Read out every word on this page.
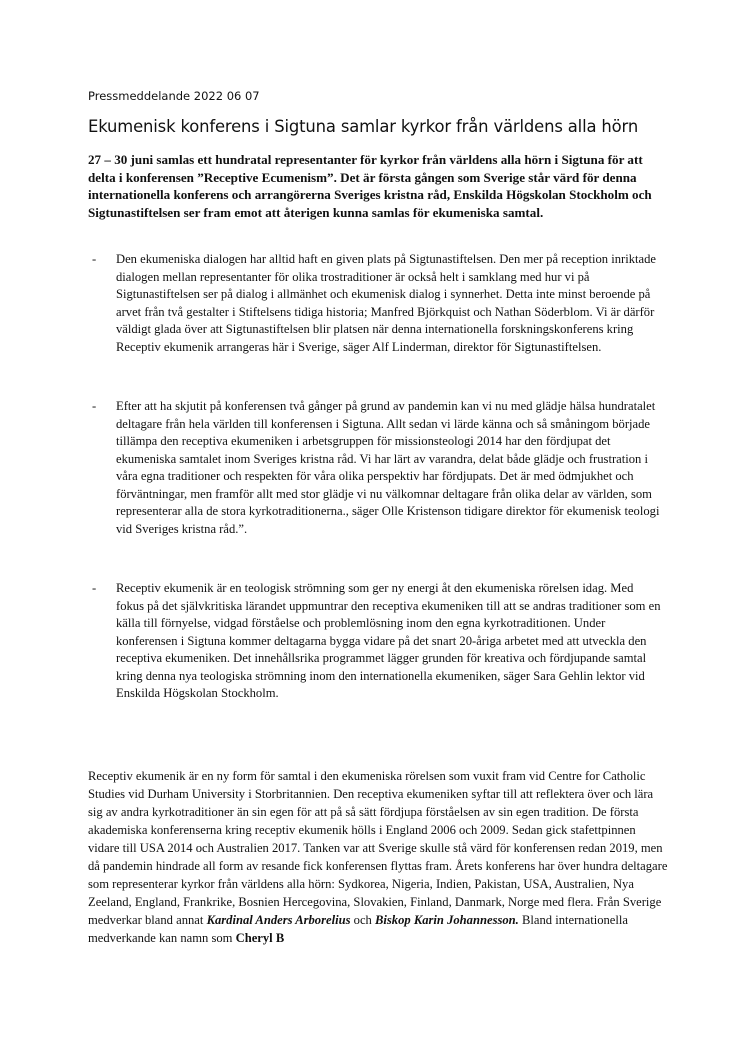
Pressmeddelande 2022 06 07
Ekumenisk konferens i Sigtuna samlar kyrkor från världens alla hörn

27 – 30 juni samlas ett hundratal representanter för kyrkor från världens alla hörn i Sigtuna för att delta i konferensen ”Receptive Ecumenism”. Det är första gången som Sverige står värd för denna internationella konferens och arrangörerna Sveriges kristna råd, Enskilda Högskolan Stockholm och Sigtunastiftelsen ser fram emot att återigen kunna samlas för ekumeniska samtal.

- Den ekumeniska dialogen har alltid haft en given plats på Sigtunastiftelsen. Den mer på reception inriktade dialogen mellan representanter för olika trostraditioner är också helt i samklang med hur vi på Sigtunastiftelsen ser på dialog i allmänhet och ekumenisk dialog i synnerhet. Detta inte minst beroende på arvet från två gestalter i Stiftelsens tidiga historia; Manfred Björkquist och Nathan Söderblom. Vi är därför väldigt glada över att Sigtunastiftelsen blir platsen när denna internationella forskningskonferens kring Receptiv ekumenik arrangeras här i Sverige, säger Alf Linderman, direktor för Sigtunastiftelsen.
- Efter att ha skjutit på konferensen två gånger på grund av pandemin kan vi nu med glädje hälsa hundratalet deltagare från hela världen till konferensen i Sigtuna. Allt sedan vi lärde känna och så småningom började tillämpa den receptiva ekumeniken i arbetsgruppen för missionsteologi 2014 har den fördjupat det ekumeniska samtalet inom Sveriges kristna råd. Vi har lärt av varandra, delat både glädje och frustration i våra egna traditioner och respekten för våra olika perspektiv har fördjupats. Det är med ödmjukhet och förväntningar, men framför allt med stor glädje vi nu välkomnar deltagare från olika delar av världen, som representerar alla de stora kyrkotraditionerna., säger Olle Kristenson tidigare direktor för ekumenisk teologi vid Sveriges kristna råd.”.
- Receptiv ekumenik är en teologisk strömning som ger ny energi åt den ekumeniska rörelsen idag. Med fokus på det självkritiska lärandet uppmuntrar den receptiva ekumeniken till att se andras traditioner som en källa till förnyelse, vidgad förståelse och problemlösning inom den egna kyrkotraditionen. Under konferensen i Sigtuna kommer deltagarna bygga vidare på det snart 20-åriga arbetet med att utveckla den receptiva ekumeniken. Det innehållsrika programmet lägger grunden för kreativa och fördjupande samtal kring denna nya teologiska strömning inom den internationella ekumeniken, säger Sara Gehlin lektor vid Enskilda Högskolan Stockholm.

Receptiv ekumenik är en ny form för samtal i den ekumeniska rörelsen som vuxit fram vid Centre for Catholic Studies vid Durham University i Storbritannien. Den receptiva ekumeniken syftar till att reflektera över och lära sig av andra kyrkotraditioner än sin egen för att på så sätt fördjupa förståelsen av sin egen tradition. De första akademiska konferenserna kring receptiv ekumenik hölls i England 2006 och 2009. Sedan gick stafettpinnen vidare till USA 2014 och Australien 2017. Tanken var att Sverige skulle stå värd för konferensen redan 2019, men då pandemin hindrade all form av resande fick konferensen flyttas fram. Årets konferens har över hundra deltagare som representerar kyrkor från världens alla hörn: Sydkorea, Nigeria, Indien, Pakistan, USA, Australien, Nya Zeeland, England, Frankrike, Bosnien Hercegovina, Slovakien, Finland, Danmark, Norge med flera. Från Sverige medverkar bland annat Kardinal Anders Arborelius och Biskop Karin Johannesson. Bland internationella medverkande kan namn som Cheryl B
